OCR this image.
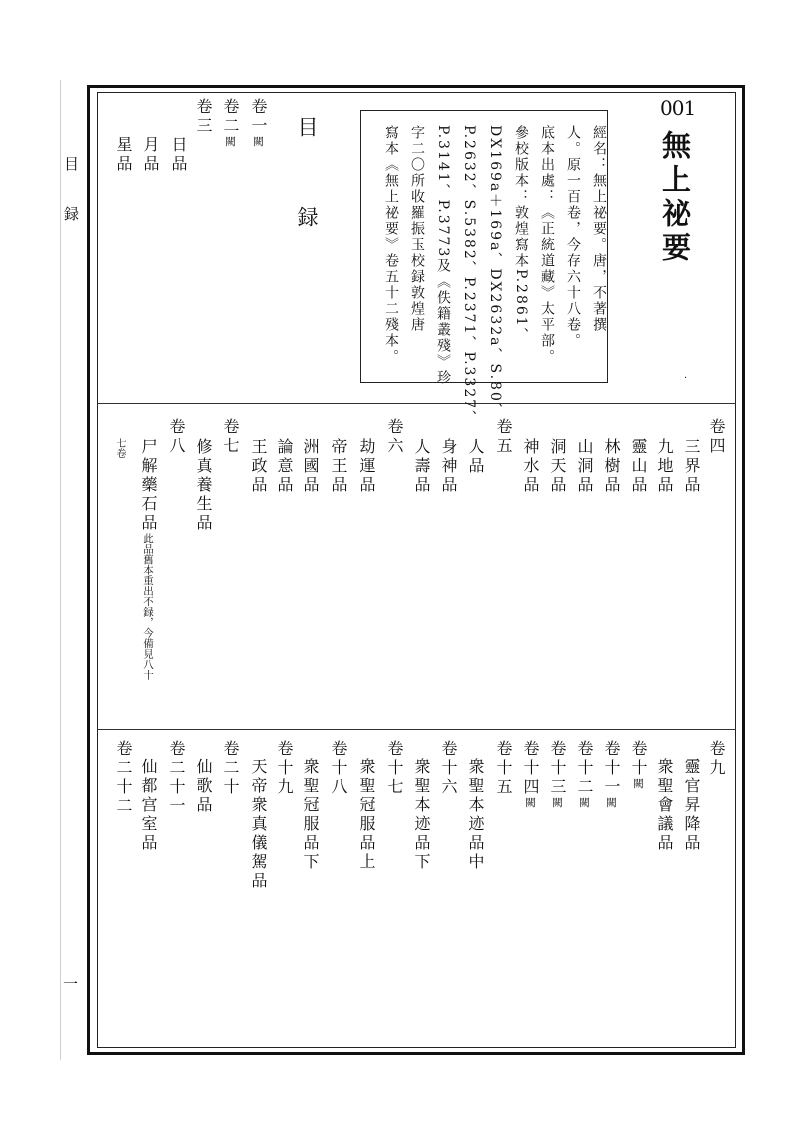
目
録
一
001
無上祕要
·
經名：無上祕要。唐，不著撰
人。原一百卷，今存六十八卷。
底本出處：《正統道藏》太平部。
參校版本：敦煌寫本P.2861、
DX169a＋169a、DX2632a、S.80、
P.2632、S.5382、P.2371、P.3327、
P.3141、P.3773及《佚籍叢殘》珍
字二〇所收羅振玉校録敦煌唐
寫本《無上祕要》卷五十二殘本。
目　録
卷一闕
卷二闕
卷三
日品
月品
星品
卷四
三界品
九地品
靈山品
林樹品
山洞品
洞天品
神水品
卷五
人品
身神品
人壽品
卷六
劫運品
帝王品
洲國品
論意品
王政品
卷七
修真養生品
卷八
尸解藥石品此品舊本重出不録，今備見八十
七卷
卷九
靈官昇降品
衆聖會議品
卷十闕
卷十一闕
卷十二闕
卷十三闕
卷十四闕
卷十五
衆聖本迹品中
卷十六
衆聖本迹品下
卷十七
衆聖冠服品上
卷十八
衆聖冠服品下
卷十九
天帝衆真儀駕品
卷二十
仙歌品
卷二十一
仙都宫室品
卷二十二
